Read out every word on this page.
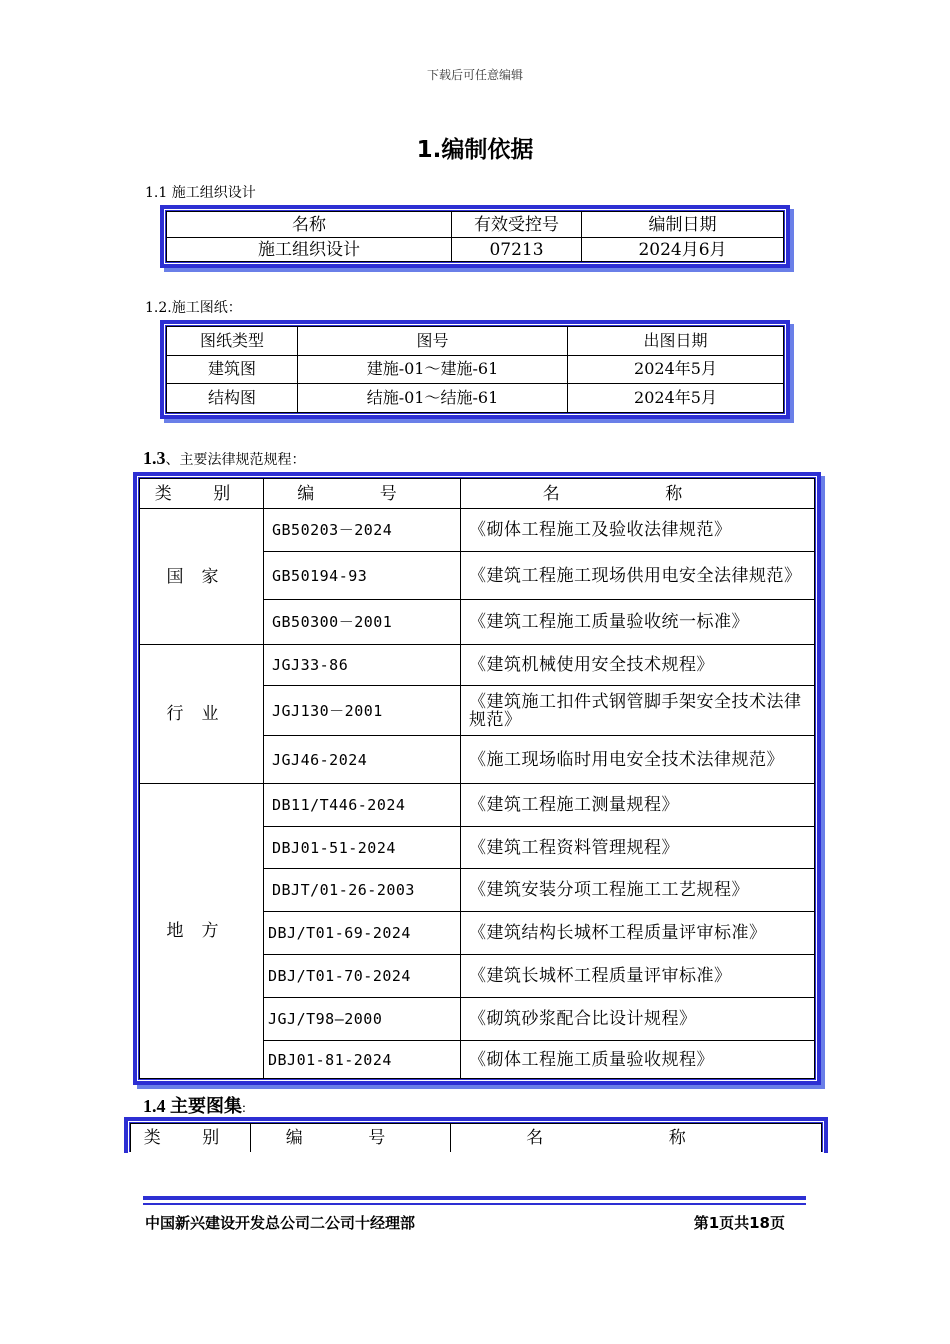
下载后可任意编辑
1.编制依据
1.1 施工组织设计
名称	有效受控号	编制日期
施工组织设计	07213	2024月6月
1.2.施工图纸：
图纸类型	图号	出图日期
建筑图	建施-01～建施-61	2024年5月
结构图	结施-01～结施-61	2024年5月
1.3、主要法律规范规程：
类 别	编 号	名 称
国家	GB50203－2024	《砌体工程施工及验收法律规范》
	GB50194-93	《建筑工程施工现场供用电安全法律规范》
	GB50300－2001	《建筑工程施工质量验收统一标准》
行业	JGJ33-86	《建筑机械使用安全技术规程》
	JGJ130－2001	《建筑施工扣件式钢管脚手架安全技术法律规范》
	JGJ46-2024	《施工现场临时用电安全技术法律规范》
地方	DB11/T446-2024	《建筑工程施工测量规程》
	DBJ01-51-2024	《建筑工程资料管理规程》
	DBJT/01-26-2003	《建筑安装分项工程施工工艺规程》
	DBJ/T01-69-2024	《建筑结构长城杯工程质量评审标准》
	DBJ/T01-70-2024	《建筑长城杯工程质量评审标准》
	JGJ/T98—2000	《砌筑砂浆配合比设计规程》
	DBJ01-81-2024	《砌体工程施工质量验收规程》
1.4 主要图集:
类 别	编 号	名 称
中国新兴建设开发总公司二公司十经理部	第1页共18页
